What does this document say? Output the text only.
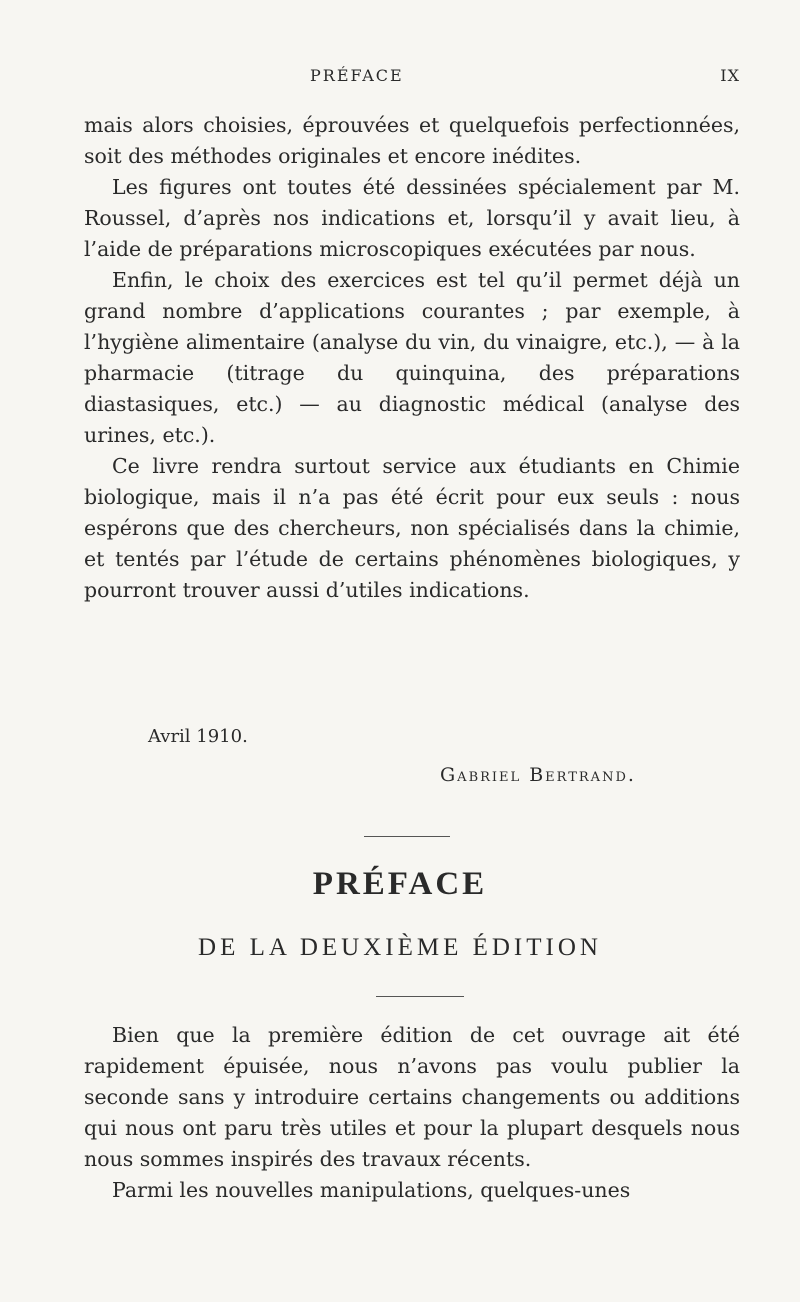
PRÉFACE	IX

mais alors choisies, éprouvées et quelquefois perfectionnées, soit des méthodes originales et encore inédites.

Les figures ont toutes été dessinées spécialement par M. Roussel, d’après nos indications et, lorsqu’il y avait lieu, à l’aide de préparations microscopiques exécutées par nous.

Enfin, le choix des exercices est tel qu’il permet déjà un grand nombre d’applications courantes ; par exemple, à l’hygiène alimentaire (analyse du vin, du vinaigre, etc.), — à la pharmacie (titrage du quinquina, des préparations diastasiques, etc.) — au diagnostic médical (analyse des urines, etc.).

Ce livre rendra surtout service aux étudiants en Chimie biologique, mais il n’a pas été écrit pour eux seuls : nous espérons que des chercheurs, non spécialisés dans la chimie, et tentés par l’étude de certains phénomènes biologiques, y pourront trouver aussi d’utiles indications.

Avril 1910.
Gabriel Bertrand.
PRÉFACE
DE LA DEUXIÈME ÉDITION

Bien que la première édition de cet ouvrage ait été rapidement épuisée, nous n’avons pas voulu publier la seconde sans y introduire certains changements ou additions qui nous ont paru très utiles et pour la plupart desquels nous nous sommes inspirés des travaux récents.

Parmi les nouvelles manipulations, quelques-unes
